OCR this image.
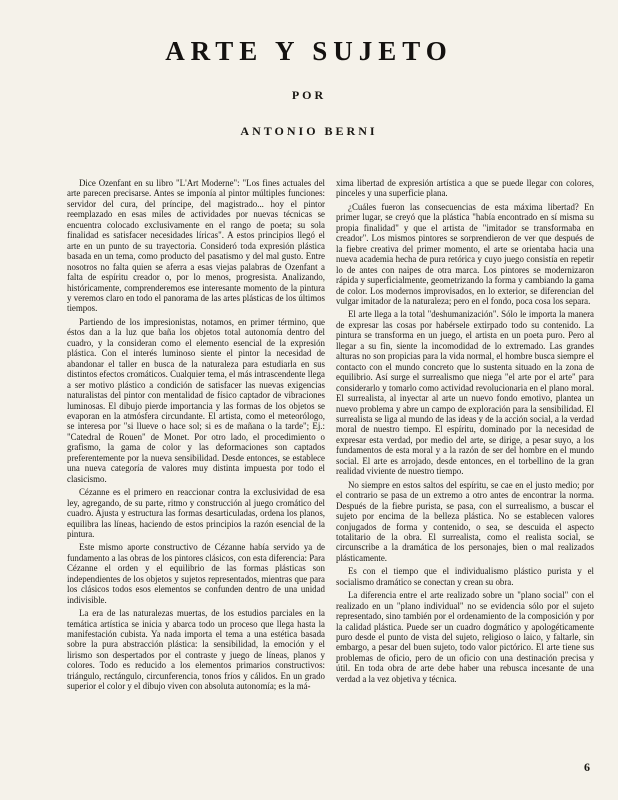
ARTE Y SUJETO
POR
ANTONIO BERNI

Dice Ozenfant en su libro "L'Art Moderne": "Los fines actuales del arte parecen precisarse. Antes se imponía al pintor múltiples funciones: servidor del cura, del príncipe, del magistrado... hoy el pintor reemplazado en esas miles de actividades por nuevas técnicas se encuentra colocado exclusivamente en el rango de poeta; su sola finalidad es satisfacer necesidades líricas". A estos principios llegó el arte en un punto de su trayectoria. Consideró toda expresión plástica basada en un tema, como producto del pasatismo y del mal gusto. Entre nosotros no falta quien se aferra a esas viejas palabras de Ozenfant a falta de espíritu creador o, por lo menos, progresista. Analizando, históricamente, comprenderemos ese interesante momento de la pintura y veremos claro en todo el panorama de las artes plásticas de los últimos tiempos.

Partiendo de los impresionistas, notamos, en primer término, que éstos dan a la luz que baña los objetos total autonomía dentro del cuadro, y la consideran como el elemento esencial de la expresión plástica. Con el interés luminoso siente el pintor la necesidad de abandonar el taller en busca de la naturaleza para estudiarla en sus distintos efectos cromáticos. Cualquier tema, el más intrascendente llega a ser motivo plástico a condición de satisfacer las nuevas exigencias naturalistas del pintor con mentalidad de físico captador de vibraciones luminosas. El dibujo pierde importancia y las formas de los objetos se evaporan en la atmósfera circundante. El artista, como el meteorólogo, se interesa por "si llueve o hace sol; si es de mañana o la tarde"; Ej.: "Catedral de Rouen" de Monet. Por otro lado, el procedimiento o grafismo, la gama de color y las deformaciones son captados preferentemente por la nueva sensibilidad. Desde entonces, se establece una nueva categoría de valores muy distinta impuesta por todo el clasicismo.

Cézanne es el primero en reaccionar contra la exclusividad de esa ley, agregando, de su parte, ritmo y construcción al juego cromático del cuadro. Ajusta y estructura las formas desarticuladas, ordena los planos, equilibra las líneas, haciendo de estos principios la razón esencial de la pintura.

Este mismo aporte constructivo de Cézanne había servido ya de fundamento a las obras de los pintores clásicos, con esta diferencia: Para Cézanne el orden y el equilibrio de las formas plásticas son independientes de los objetos y sujetos representados, mientras que para los clásicos todos esos elementos se confunden dentro de una unidad indivisible.

La era de las naturalezas muertas, de los estudios parciales en la temática artística se inicia y abarca todo un proceso que llega hasta la manifestación cubista. Ya nada importa el tema a una estética basada sobre la pura abstracción plástica: la sensibilidad, la emoción y el lirismo son despertados por el contraste y juego de líneas, planos y colores. Todo es reducido a los elementos primarios constructivos: triángulo, rectángulo, circunferencia, tonos fríos y cálidos. En un grado superior el color y el dibujo viven con absoluta autonomía; es la má-

xima libertad de expresión artística a que se puede llegar con colores, pinceles y una superficie plana.

¿Cuáles fueron las consecuencias de esta máxima libertad? En primer lugar, se creyó que la plástica "había encontrado en sí misma su propia finalidad" y que el artista de "imitador se transformaba en creador". Los mismos pintores se sorprendieron de ver que después de la fiebre creativa del primer momento, el arte se orientaba hacia una nueva academia hecha de pura retórica y cuyo juego consistía en repetir lo de antes con naipes de otra marca. Los pintores se modernizaron rápida y superficialmente, geometrizando la forma y cambiando la gama de color. Los modernos improvisados, en lo exterior, se diferencian del vulgar imitador de la naturaleza; pero en el fondo, poca cosa los separa.

El arte llega a la total "deshumanización". Sólo le importa la manera de expresar las cosas por habérsele extirpado todo su contenido. La pintura se transforma en un juego, el artista en un poeta puro. Pero al llegar a su fin, siente la incomodidad de lo extremado. Las grandes alturas no son propicias para la vida normal, el hombre busca siempre el contacto con el mundo concreto que lo sustenta situado en la zona de equilibrio. Así surge el surrealismo que niega "el arte por el arte" para considerarlo y tomarlo como actividad revolucionaria en el plano moral. El surrealista, al inyectar al arte un nuevo fondo emotivo, plantea un nuevo problema y abre un campo de exploración para la sensibilidad. El surrealista se liga al mundo de las ideas y de la acción social, a la verdad moral de nuestro tiempo. El espíritu, dominado por la necesidad de expresar esta verdad, por medio del arte, se dirige, a pesar suyo, a los fundamentos de esta moral y a la razón de ser del hombre en el mundo social. El arte es arrojado, desde entonces, en el torbellino de la gran realidad viviente de nuestro tiempo.

No siempre en estos saltos del espíritu, se cae en el justo medio; por el contrario se pasa de un extremo a otro antes de encontrar la norma. Después de la fiebre purista, se pasa, con el surrealismo, a buscar el sujeto por encima de la belleza plástica. No se establecen valores conjugados de forma y contenido, o sea, se descuida el aspecto totalitario de la obra. El surrealista, como el realista social, se circunscribe a la dramática de los personajes, bien o mal realizados plásticamente.

Es con el tiempo que el individualismo plástico purista y el socialismo dramático se conectan y crean su obra.

La diferencia entre el arte realizado sobre un "plano social" con el realizado en un "plano individual" no se evidencia sólo por el sujeto representado, sino también por el ordenamiento de la composición y por la calidad plástica. Puede ser un cuadro dogmático y apologéticamente puro desde el punto de vista del sujeto, religioso o laico, y faltarle, sin embargo, a pesar del buen sujeto, todo valor pictórico. El arte tiene sus problemas de oficio, pero de un oficio con una destinación precisa y útil. En toda obra de arte debe haber una rebusca incesante de una verdad a la vez objetiva y técnica.

6
